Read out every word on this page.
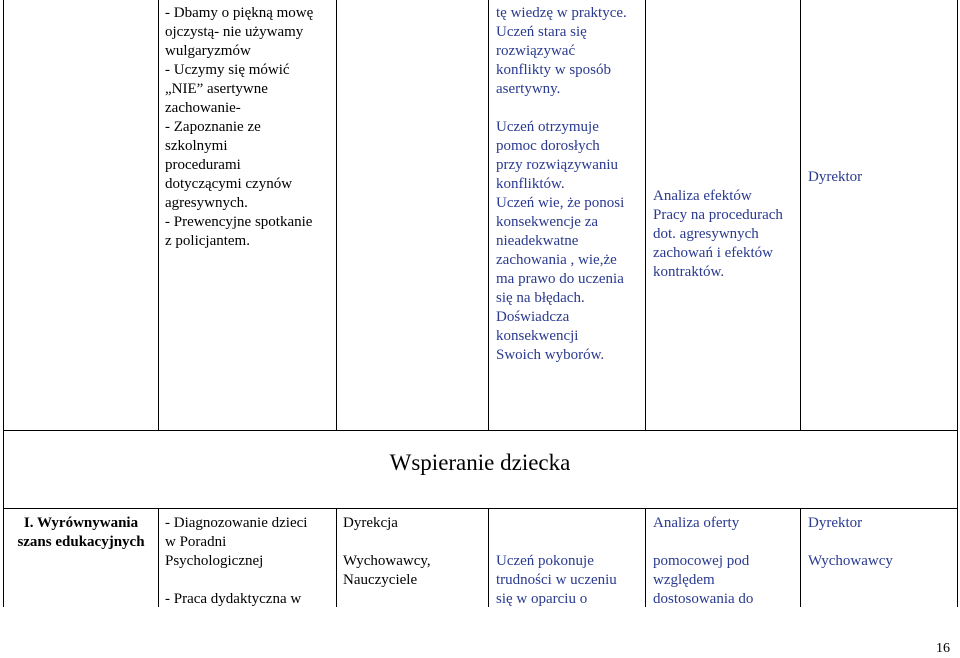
- Dbamy o piękną mowę
ojczystą- nie używamy
wulgaryzmów
- Uczymy się mówić
„NIE” asertywne
zachowanie-
- Zapoznanie ze
szkolnymi
procedurami
dotyczącymi czynów
agresywnych.
- Prewencyjne spotkanie
z policjantem.
tę wiedzę w praktyce.
Uczeń stara się
rozwiązywać
konflikty w sposób
asertywny.
Uczeń otrzymuje
pomoc dorosłych
przy rozwiązywaniu
konfliktów.
Uczeń wie, że ponosi
konsekwencje za
nieadekwatne
zachowania , wie,że
ma prawo do uczenia
się na błędach.
Doświadcza
konsekwencji
Swoich wyborów.
Analiza efektów
Pracy na procedurach
dot. agresywnych
zachowań i efektów
kontraktów.
Dyrektor
Wspieranie dziecka
I. Wyrównywania
szans edukacyjnych
- Diagnozowanie dzieci
w Poradni
Psychologicznej
- Praca dydaktyczna w
Dyrekcja
Wychowawcy,
Nauczyciele
Uczeń pokonuje
trudności w uczeniu
się w oparciu o
Analiza oferty
pomocowej pod
względem
dostosowania do
Dyrektor
Wychowawcy
16
